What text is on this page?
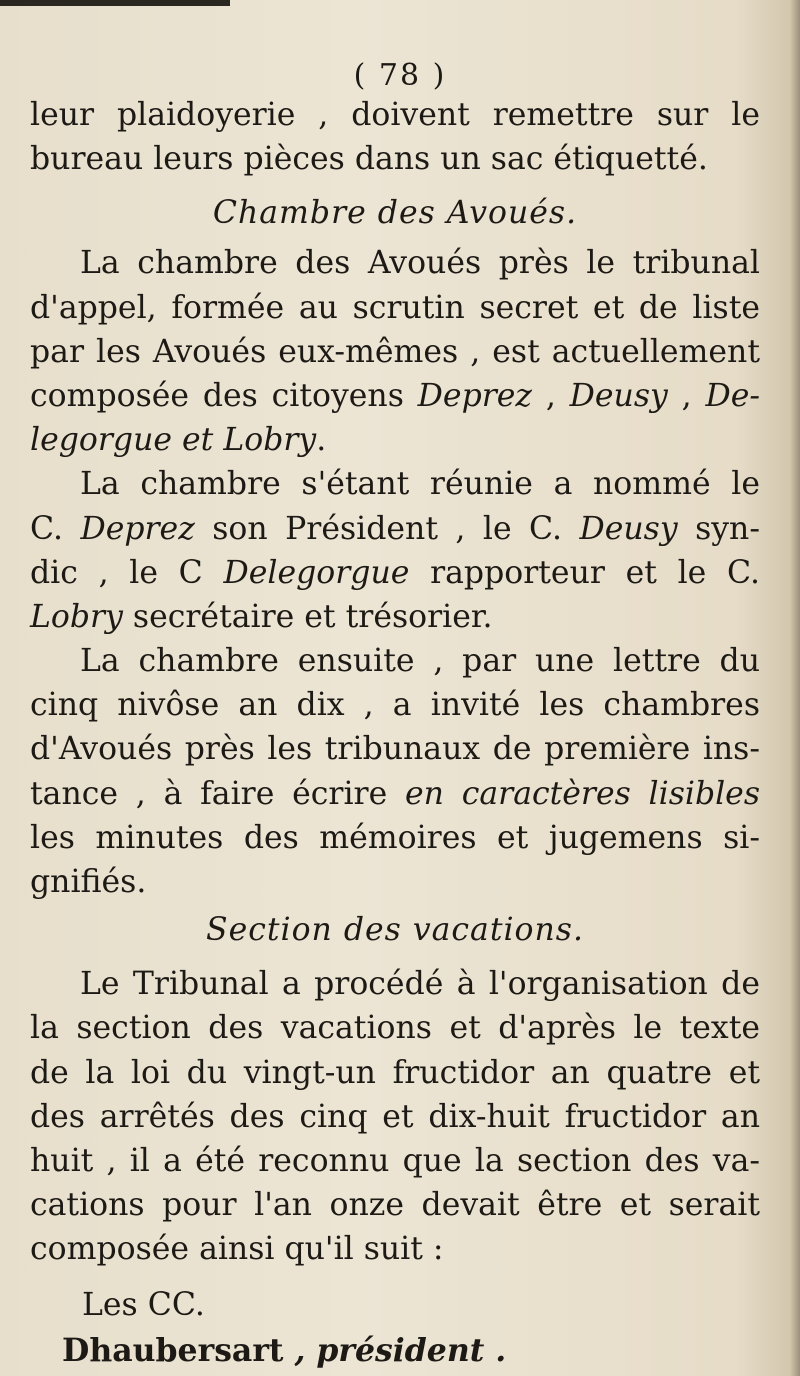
( 78 )
leur plaidoyerie , doivent remettre sur le
bureau leurs pièces dans un sac étiquetté.
Chambre des Avoués.
La chambre des Avoués près le tribunal
d'appel, formée au scrutin secret et de liste
par les Avoués eux-mêmes , est actuellement
composée des citoyens Deprez , Deusy , De-
legorgue et Lobry.
La chambre s'étant réunie a nommé le
C. Deprez son Président , le C. Deusy syn-
dic , le C Delegorgue rapporteur et le C.
Lobry secrétaire et trésorier.
La chambre ensuite , par une lettre du
cinq nivôse an dix , a invité les chambres
d'Avoués près les tribunaux de première ins-
tance , à faire écrire en caractères lisibles
les minutes des mémoires et jugemens si-
gnifiés.
Section des vacations.
Le Tribunal a procédé à l'organisation de
la section des vacations et d'après le texte
de la loi du vingt-un fructidor an quatre et
des arrêtés des cinq et dix-huit fructidor an
huit , il a été reconnu que la section des va-
cations pour l'an onze devait être et serait
composée ainsi qu'il suit :
Les CC.
Dhaubersart , président .
